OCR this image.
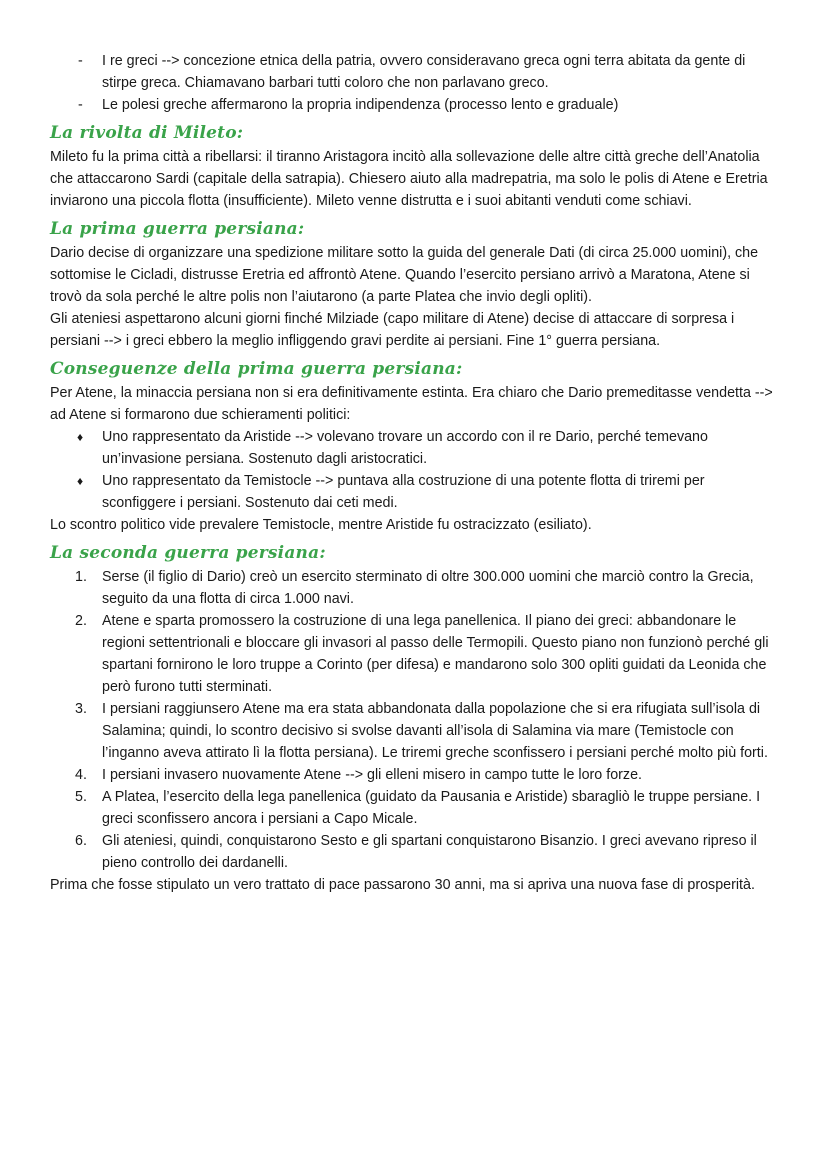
- I re greci --> concezione etnica della patria, ovvero consideravano greca ogni terra abitata da gente di stirpe greca. Chiamavano barbari tutti coloro che non parlavano greco.
- Le polesi greche affermarono la propria indipendenza (processo lento e graduale)
La rivolta di Mileto:

Mileto fu la prima città a ribellarsi: il tiranno Aristagora incitò alla sollevazione delle altre città greche dell’Anatolia che attaccarono Sardi (capitale della satrapia). Chiesero aiuto alla madrepatria, ma solo le polis di Atene e Eretria inviarono una piccola flotta (insufficiente). Mileto venne distrutta e i suoi abitanti venduti come schiavi.

La prima guerra persiana:

Dario decise di organizzare una spedizione militare sotto la guida del generale Dati (di circa 25.000 uomini), che sottomise le Cicladi, distrusse Eretria ed affrontò Atene. Quando l’esercito persiano arrivò a Maratona, Atene si trovò da sola perché le altre polis non l’aiutarono (a parte Platea che invio degli opliti).

Gli ateniesi aspettarono alcuni giorni finché Milziade (capo militare di Atene) decise di attaccare di sorpresa i persiani --> i greci ebbero la meglio infliggendo gravi perdite ai persiani. Fine 1° guerra persiana.

Conseguenze della prima guerra persiana:

Per Atene, la minaccia persiana non si era definitivamente estinta. Era chiaro che Dario premeditasse vendetta --> ad Atene si formarono due schieramenti politici:

♦ Uno rappresentato da Aristide --> volevano trovare un accordo con il re Dario, perché temevano un’invasione persiana. Sostenuto dagli aristocratici.
♦ Uno rappresentato da Temistocle --> puntava alla costruzione di una potente flotta di triremi per sconfiggere i persiani. Sostenuto dai ceti medi.

Lo scontro politico vide prevalere Temistocle, mentre Aristide fu ostracizzato (esiliato).

La seconda guerra persiana:
1. Serse (il figlio di Dario) creò un esercito sterminato di oltre 300.000 uomini che marciò contro la Grecia, seguito da una flotta di circa 1.000 navi.
2. Atene e sparta promossero la costruzione di una lega panellenica. Il piano dei greci: abbandonare le regioni settentrionali e bloccare gli invasori al passo delle Termopili. Questo piano non funzionò perché gli spartani fornirono le loro truppe a Corinto (per difesa) e mandarono solo 300 opliti guidati da Leonida che però furono tutti sterminati.
3. I persiani raggiunsero Atene ma era stata abbandonata dalla popolazione che si era rifugiata sull’isola di Salamina; quindi, lo scontro decisivo si svolse davanti all’isola di Salamina via mare (Temistocle con l’inganno aveva attirato lì la flotta persiana). Le triremi greche sconfissero i persiani perché molto più forti.
4. I persiani invasero nuovamente Atene --> gli elleni misero in campo tutte le loro forze.
5. A Platea, l’esercito della lega panellenica (guidato da Pausania e Aristide) sbaragliò le truppe persiane. I greci sconfissero ancora i persiani a Capo Micale.
6. Gli ateniesi, quindi, conquistarono Sesto e gli spartani conquistarono Bisanzio. I greci avevano ripreso il pieno controllo dei dardanelli.

Prima che fosse stipulato un vero trattato di pace passarono 30 anni, ma si apriva una nuova fase di prosperità.
